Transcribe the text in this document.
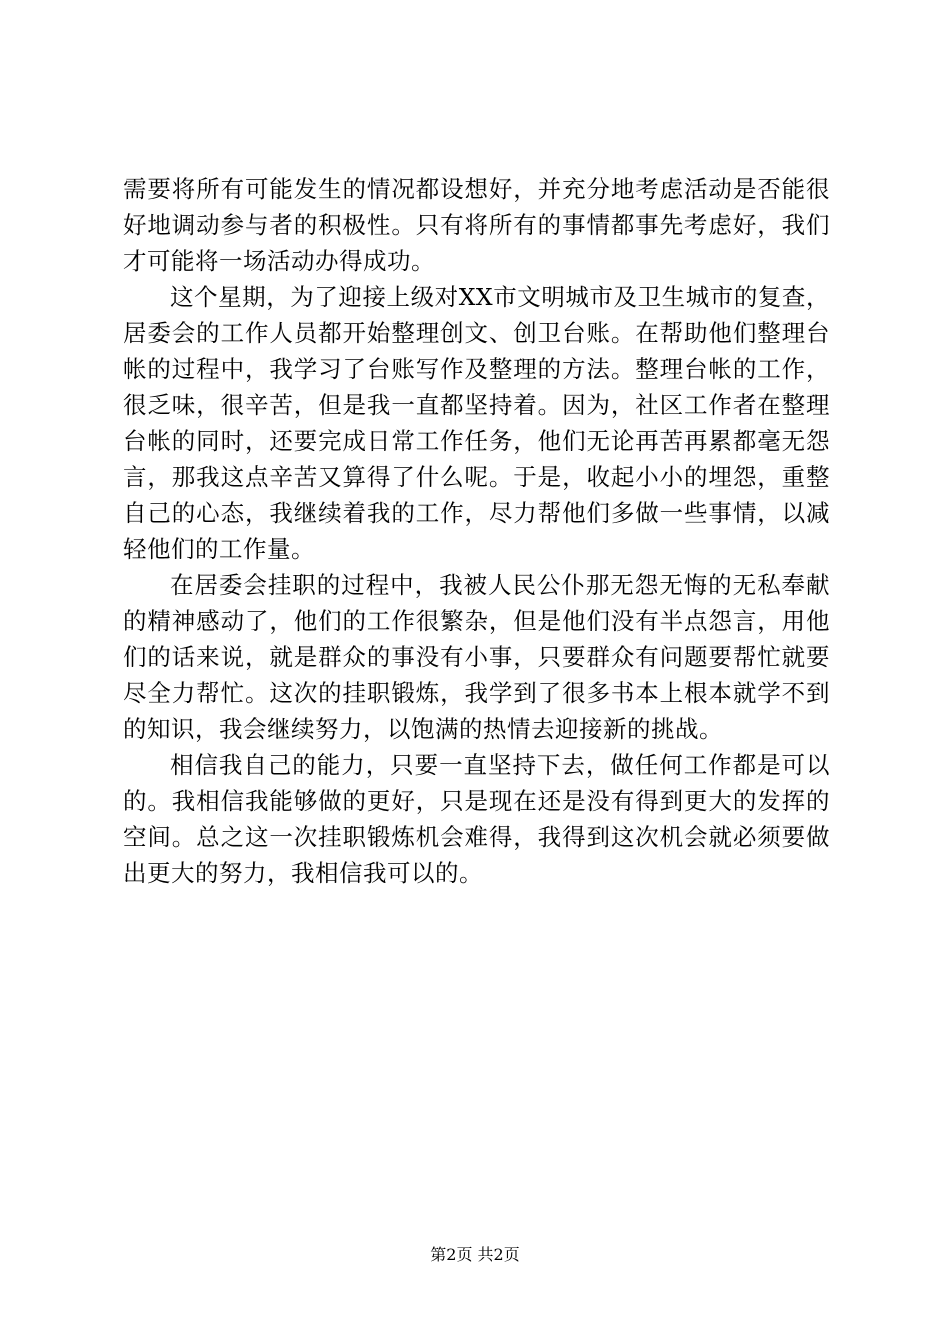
需要将所有可能发生的情况都设想好，并充分地考虑活动是否能很好地调动参与者的积极性。只有将所有的事情都事先考虑好，我们才可能将一场活动办得成功。

这个星期，为了迎接上级对XX市文明城市及卫生城市的复查，居委会的工作人员都开始整理创文、创卫台账。在帮助他们整理台帐的过程中，我学习了台账写作及整理的方法。整理台帐的工作，很乏味，很辛苦，但是我一直都坚持着。因为，社区工作者在整理台帐的同时，还要完成日常工作任务，他们无论再苦再累都毫无怨言，那我这点辛苦又算得了什么呢。于是，收起小小的埋怨，重整自己的心态，我继续着我的工作，尽力帮他们多做一些事情，以减轻他们的工作量。

在居委会挂职的过程中，我被人民公仆那无怨无悔的无私奉献的精神感动了，他们的工作很繁杂，但是他们没有半点怨言，用他们的话来说，就是群众的事没有小事，只要群众有问题要帮忙就要尽全力帮忙。这次的挂职锻炼，我学到了很多书本上根本就学不到的知识，我会继续努力，以饱满的热情去迎接新的挑战。

相信我自己的能力，只要一直坚持下去，做任何工作都是可以的。我相信我能够做的更好，只是现在还是没有得到更大的发挥的空间。总之这一次挂职锻炼机会难得，我得到这次机会就必须要做出更大的努力，我相信我可以的。

第2页 共2页
